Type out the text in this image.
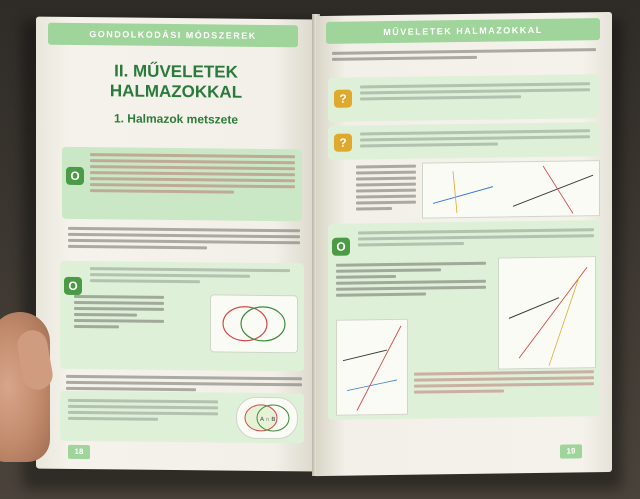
GONDOLKODÁSI MÓDSZEREK
II. MŰVELETEK
HALMAZOKKAL
1. Halmazok metszete
O
O
A ∩ B
18
MŰVELETEK HALMAZOKKAL
?
?
O
19
